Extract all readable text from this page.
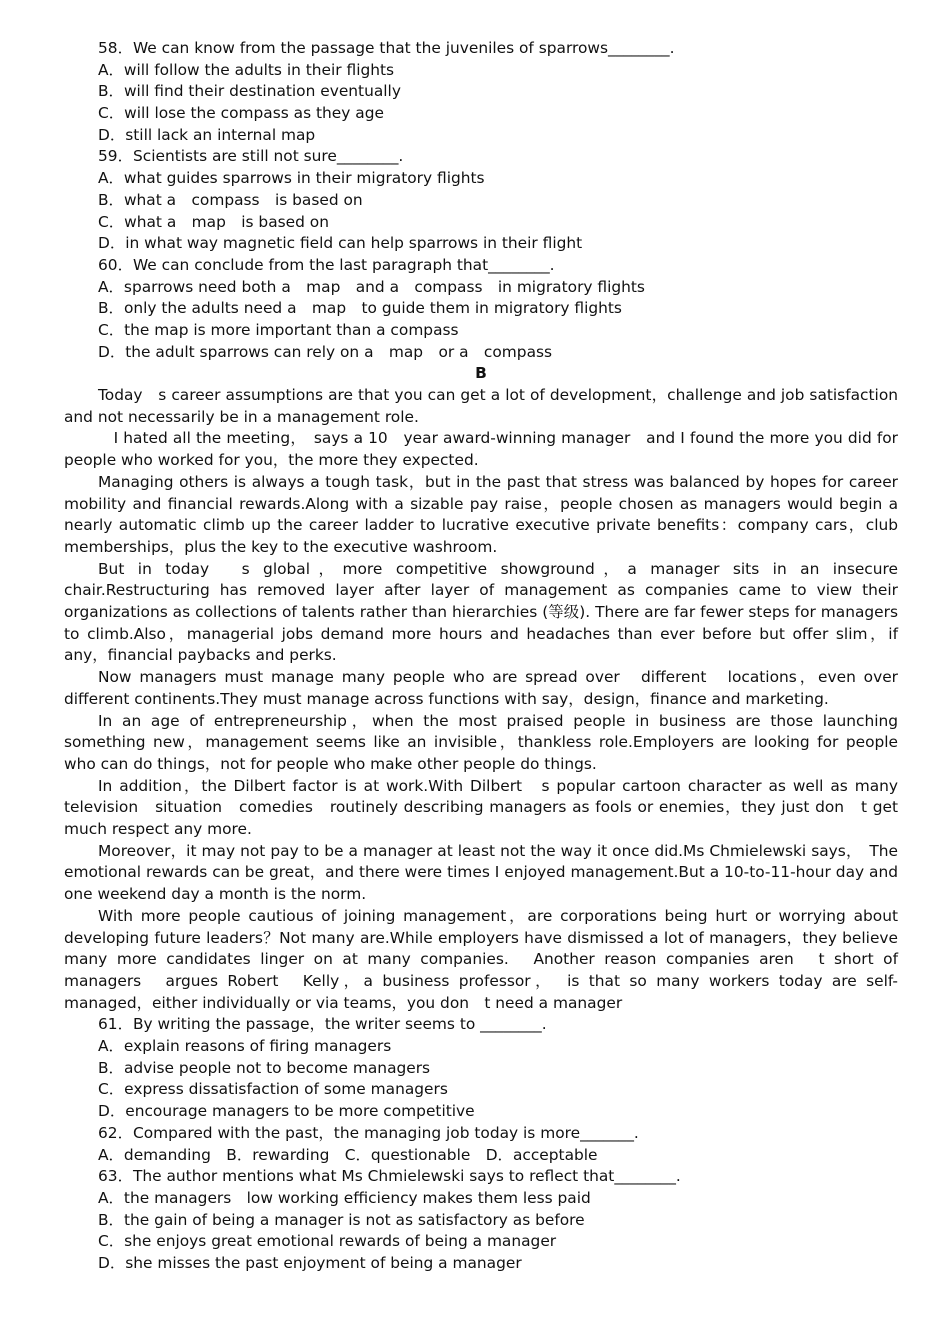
58．We can know from the passage that the juveniles of sparrows________.
A．will follow the adults in their flights
B．will find their destination eventually
C．will lose the compass as they age
D．still lack an internal map
59．Scientists are still not sure________.
A．what guides sparrows in their migratory flights
B．what a　compass　is based on
C．what a　map　is based on
D．in what way magnetic field can help sparrows in their flight
60．We can conclude from the last paragraph that________.
A．sparrows need both a　map　and a　compass　in migratory flights
B．only the adults need a　map　to guide them in migratory flights
C．the map is more important than a compass
D．the adult sparrows can rely on a　map　or a　compass
B

Today　s career assumptions are that you can get a lot of development，challenge and job satisfaction and not necessarily be in a management role.

　I hated all the meeting，　says a 10　year award-winning manager　and I found the more you did for people who worked for you，the more they expected.

Managing others is always a tough task，but in the past that stress was balanced by hopes for career mobility and financial rewards.Along with a sizable pay raise，people chosen as managers would begin a nearly automatic climb up the career ladder to lucrative executive private benefits：company cars，club memberships，plus the key to the executive washroom.

But in today　s global，more competitive showground，a manager sits in an insecure chair.Restructuring has removed layer after layer of management as companies came to view their organizations as collections of talents rather than hierarchies (等级). There are far fewer steps for managers to climb.Also，managerial jobs demand more hours and headaches than ever before but offer slim，if any，financial paybacks and perks.

Now managers must manage many people who are spread over　different　locations，even over　different continents.They must manage across functions with say，design，finance and marketing.

In an age of entrepreneurship，when the most praised people in business are those launching something new，management seems like an invisible，thankless role.Employers are looking for people who can do things，not for people who make other people do things.

In addition，the Dilbert factor is at work.With Dilbert　s popular cartoon character as well as many television　situation　comedies　routinely describing managers as fools or enemies，they just don　t get much respect any more.

Moreover，it may not pay to be a manager at least not the way it once did.Ms Chmielewski says，　The emotional rewards can be great，and there were times I enjoyed management.But a 10-to-11-hour day and one weekend day a month is the norm.

With more people cautious of joining management，are corporations being hurt or worrying about developing future leaders？Not many are.While employers have dismissed a lot of managers，they believe many more candidates linger on at many companies.　Another reason companies aren　t short of managers　argues Robert　Kelly，a business professor，　is that so many workers today are self-managed，either individually or via teams，you don　t need a manager

61．By writing the passage，the writer seems to ________.
A．explain reasons of firing managers
B．advise people not to become managers
C．express dissatisfaction of some managers
D．encourage managers to be more competitive
62．Compared with the past，the managing job today is more_______.
A．demanding　B．rewarding　C．questionable　D．acceptable
63．The author mentions what Ms Chmielewski says to reflect that________.
A．the managers　low working efficiency makes them less paid
B．the gain of being a manager is not as satisfactory as before
C．she enjoys great emotional rewards of being a manager
D．she misses the past enjoyment of being a manager
